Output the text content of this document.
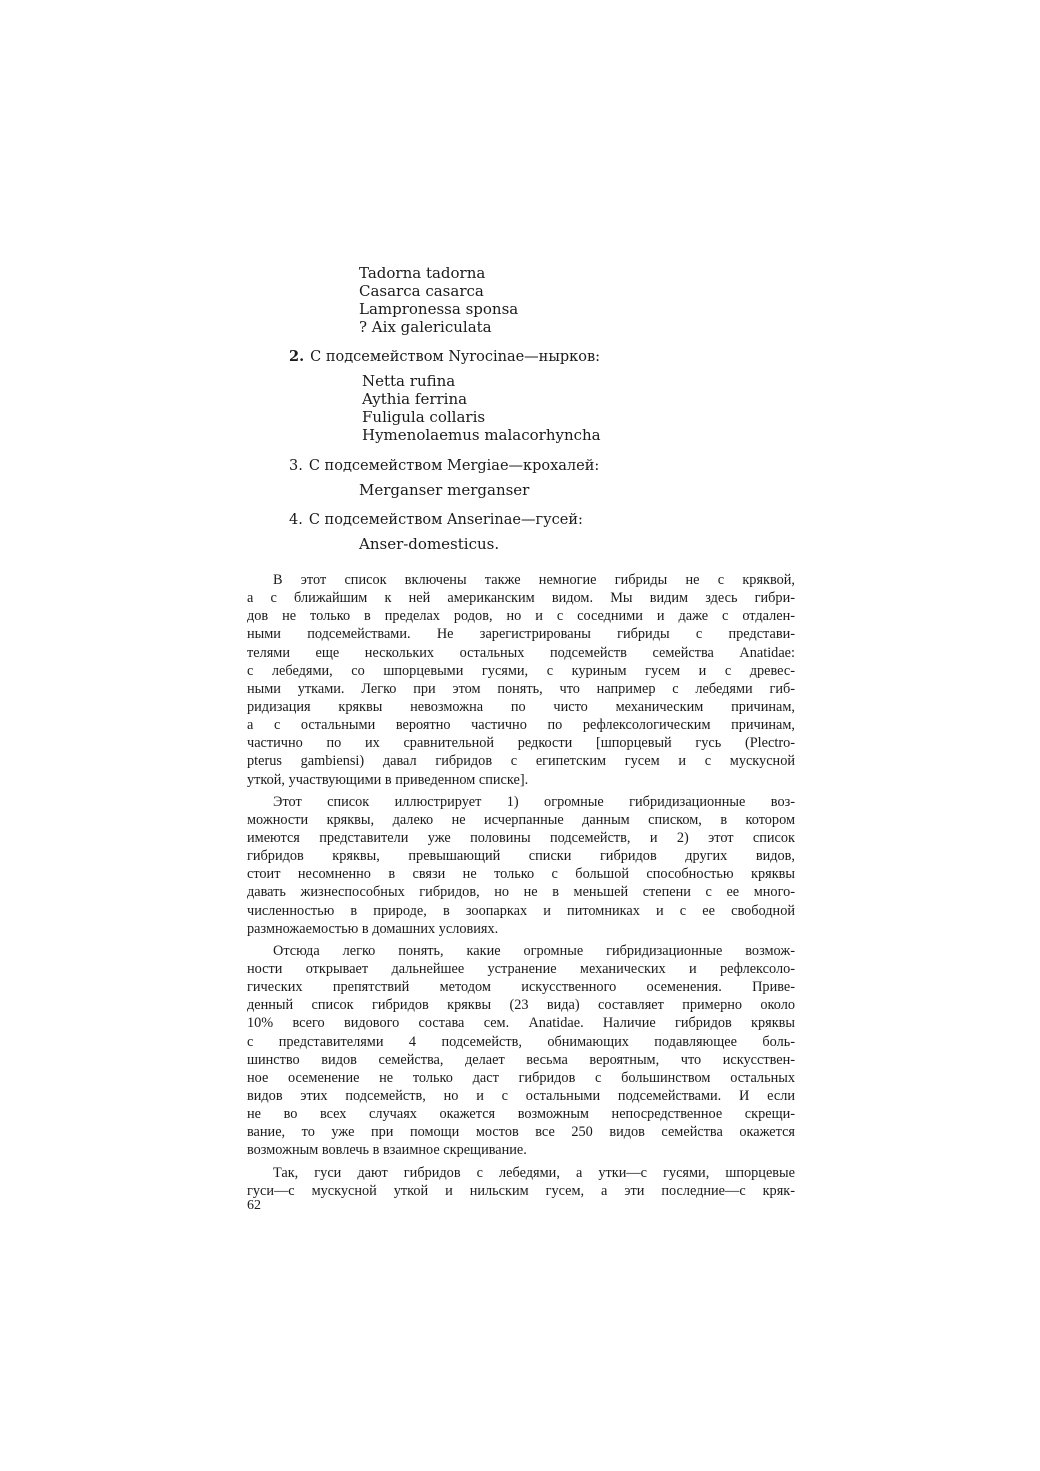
Tadorna tadorna
Casarca casarca
Lampronessa sponsa
? Aix galericulata
2. С подсемейством Nyrocinae—нырков:
Netta rufina
Aythia ferrina
Fuligula collaris
Hymenolaemus malacorhyncha
3. С подсемейством Mergiae—крохалей:
Merganser merganser
4. С подсемейством Anserinae—гусей:
Anser-domesticus.
В этот список включены также немногие гибриды не с кряквой,
а с ближайшим к ней американским видом. Мы видим здесь гибри-
дов не только в пределах родов, но и с соседними и даже с отдален-
ными подсемействами. Не зарегистрированы гибриды с представи-
телями еще нескольких остальных подсемейств семейства Anatidae:
с лебедями, со шпорцевыми гусями, с куриным гусем и с древес-
ными утками. Легко при этом понять, что например с лебедями гиб-
ридизация кряквы невозможна по чисто механическим причинам,
а с остальными вероятно частично по рефлексологическим причинам,
частично по их сравнительной редкости [шпорцевый гусь (Plectro-
pterus gambiensi) давал гибридов с египетским гусем и с мускусной
уткой, участвующими в приведенном списке].
Этот список иллюстрирует 1) огромные гибридизационные воз-
можности кряквы, далеко не исчерпанные данным списком, в котором
имеются представители уже половины подсемейств, и 2) этот список
гибридов кряквы, превышающий списки гибридов других видов,
стоит несомненно в связи не только с большой способностью кряквы
давать жизнеспособных гибридов, но не в меньшей степени с ее много-
численностью в природе, в зоопарках и питомниках и с ее свободной
размножаемостью в домашних условиях.
Отсюда легко понять, какие огромные гибридизационные возмож-
ности открывает дальнейшее устранение механических и рефлексоло-
гических препятствий методом искусственного осеменения. Приве-
денный список гибридов кряквы (23 вида) составляет примерно около
10% всего видового состава сем. Anatidae. Наличие гибридов кряквы
с представителями 4 подсемейств, обнимающих подавляющее боль-
шинство видов семейства, делает весьма вероятным, что искусствен-
ное осеменение не только даст гибридов с большинством остальных
видов этих подсемейств, но и с остальными подсемействами. И если
не во всех случаях окажется возможным непосредственное скрещи-
вание, то уже при помощи мостов все 250 видов семейства окажется
возможным вовлечь в взаимное скрещивание.
Так, гуси дают гибридов с лебедями, а утки—с гусями, шпорцевые
гуси—с мускусной уткой и нильским гусем, а эти последние—с кряк-
62
